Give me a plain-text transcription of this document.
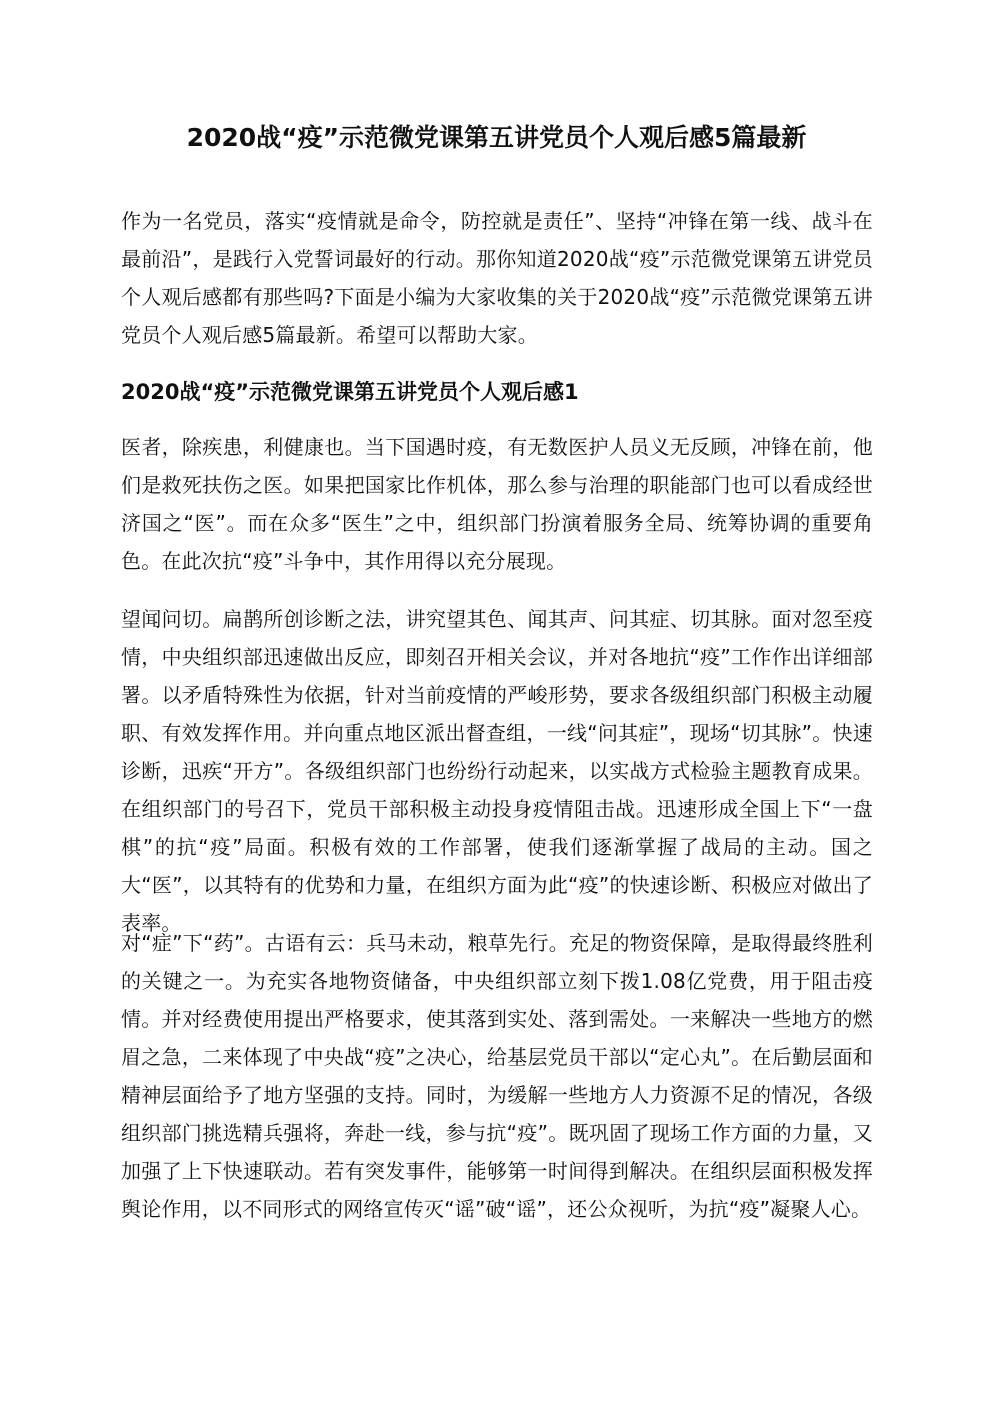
2020战“疫”示范微党课第五讲党员个人观后感5篇最新

作为一名党员，落实“疫情就是命令，防控就是责任”、坚持“冲锋在第一线、战斗在最前沿”，是践行入党誓词最好的行动。那你知道2020战“疫”示范微党课第五讲党员个人观后感都有那些吗?下面是小编为大家收集的关于2020战“疫”示范微党课第五讲党员个人观后感5篇最新。希望可以帮助大家。

2020战“疫”示范微党课第五讲党员个人观后感1

医者，除疾患，利健康也。当下国遇时疫，有无数医护人员义无反顾，冲锋在前，他们是救死扶伤之医。如果把国家比作机体，那么参与治理的职能部门也可以看成经世济国之“医”。而在众多“医生”之中，组织部门扮演着服务全局、统筹协调的重要角色。在此次抗“疫”斗争中，其作用得以充分展现。

望闻问切。扁鹊所创诊断之法，讲究望其色、闻其声、问其症、切其脉。面对忽至疫情，中央组织部迅速做出反应，即刻召开相关会议，并对各地抗“疫”工作作出详细部署。以矛盾特殊性为依据，针对当前疫情的严峻形势，要求各级组织部门积极主动履职、有效发挥作用。并向重点地区派出督查组，一线“问其症”，现场“切其脉”。快速诊断，迅疾“开方”。各级组织部门也纷纷行动起来，以实战方式检验主题教育成果。在组织部门的号召下，党员干部积极主动投身疫情阻击战。迅速形成全国上下“一盘棋”的抗“疫”局面。积极有效的工作部署，使我们逐渐掌握了战局的主动。国之大“医”，以其特有的优势和力量，在组织方面为此“疫”的快速诊断、积极应对做出了表率。

对“症”下“药”。古语有云：兵马未动，粮草先行。充足的物资保障，是取得最终胜利的关键之一。为充实各地物资储备，中央组织部立刻下拨1.08亿党费，用于阻击疫情。并对经费使用提出严格要求，使其落到实处、落到需处。一来解决一些地方的燃眉之急，二来体现了中央战“疫”之决心，给基层党员干部以“定心丸”。在后勤层面和精神层面给予了地方坚强的支持。同时，为缓解一些地方人力资源不足的情况，各级组织部门挑选精兵强将，奔赴一线，参与抗“疫”。既巩固了现场工作方面的力量，又加强了上下快速联动。若有突发事件，能够第一时间得到解决。在组织层面积极发挥舆论作用，以不同形式的网络宣传灭“谣”破“谣”，还公众视听，为抗“疫”凝聚人心。
